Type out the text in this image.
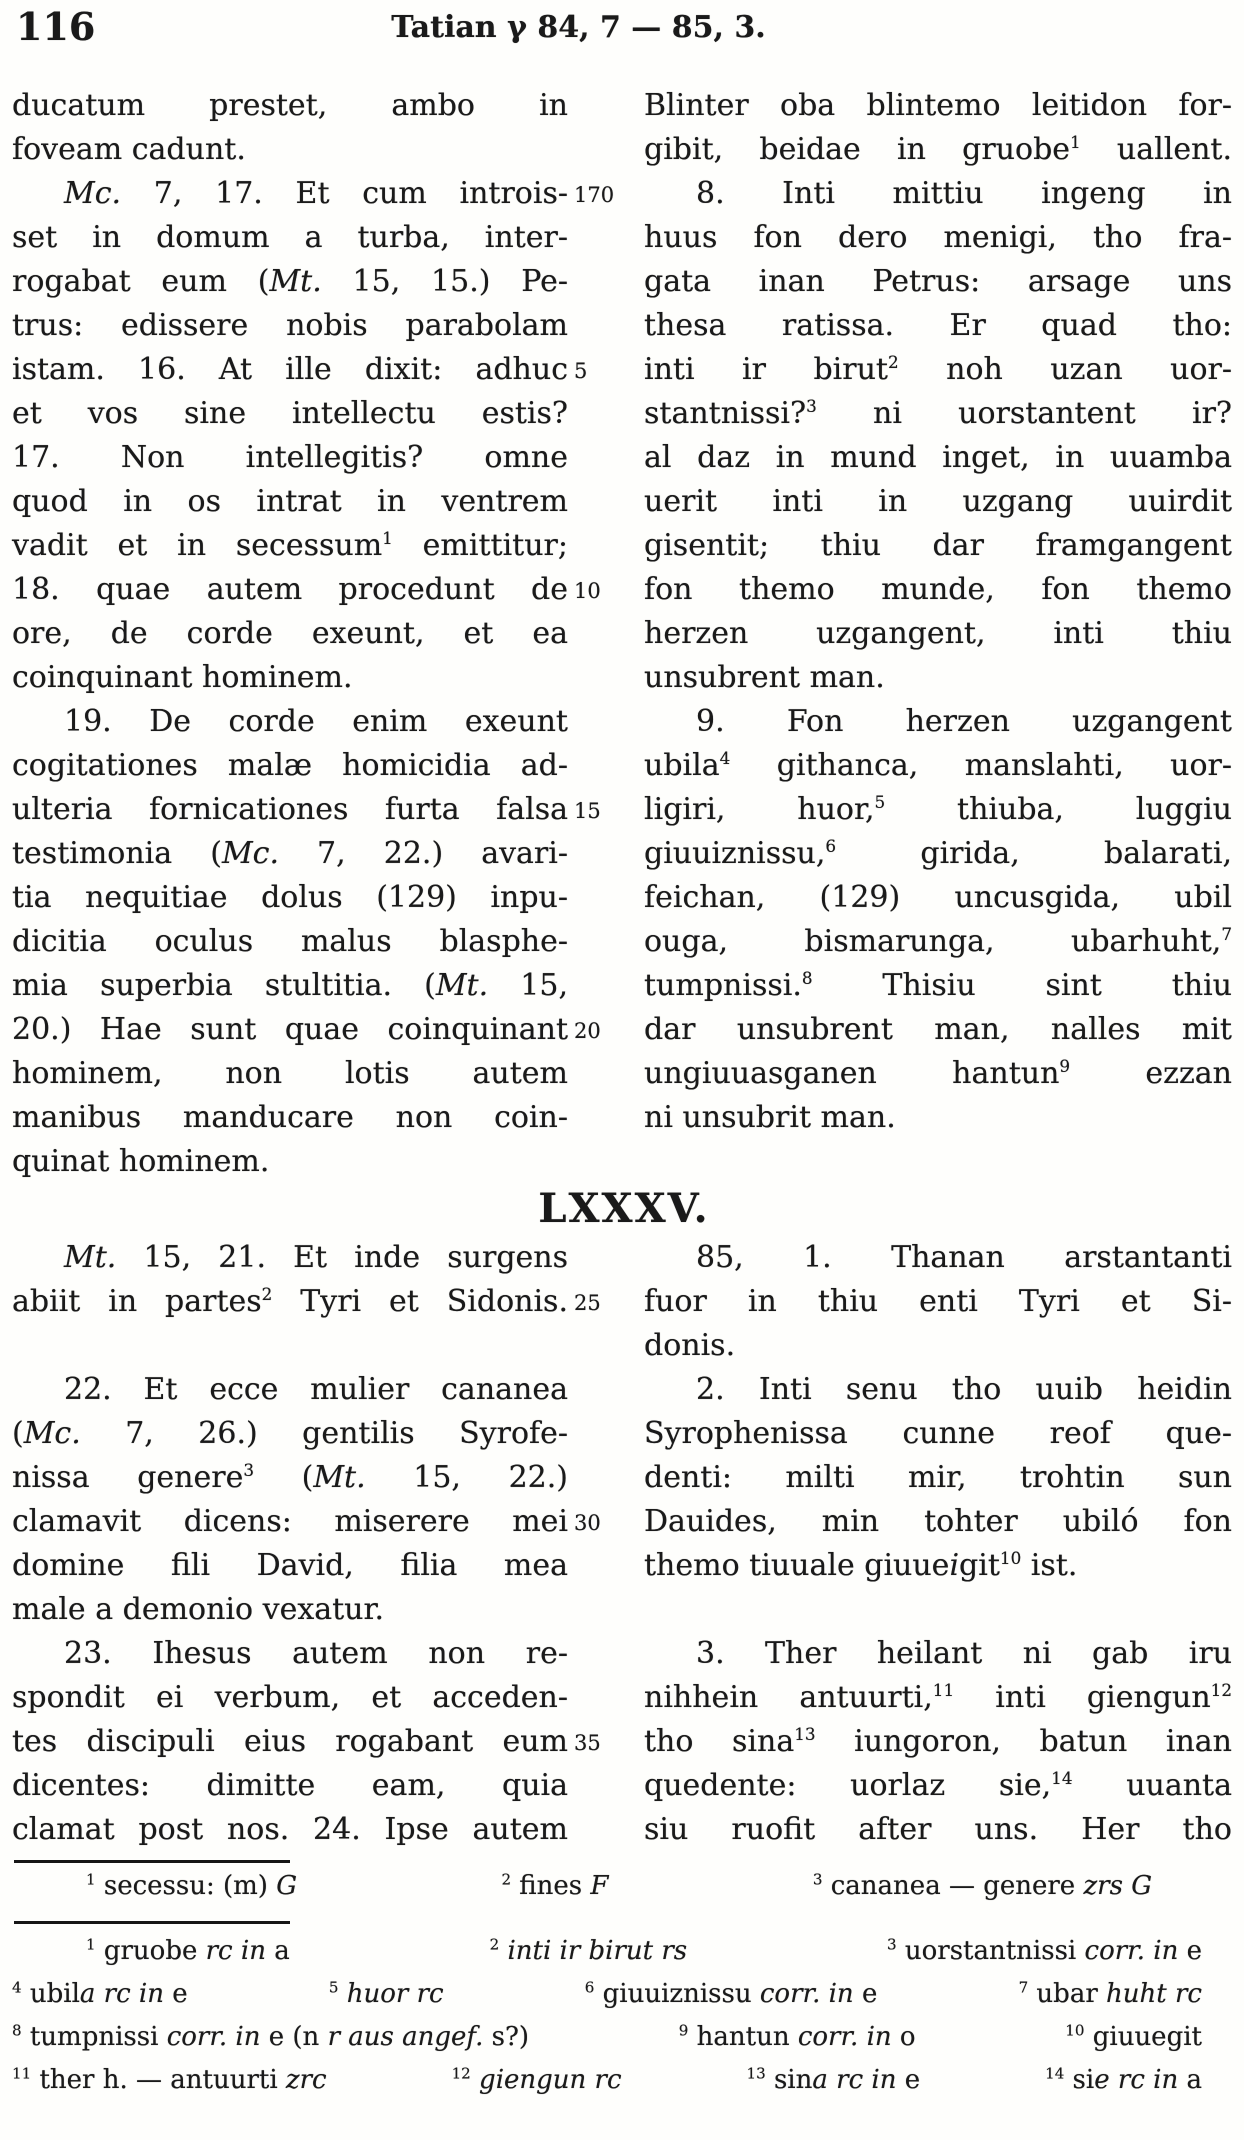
116	Tatian γ 84, 7 — 85, 3.
ducatum prestet, ambo in
foveam cadunt.
Mc. 7, 17. Et cum introis- 170
set in domum a turba, inter-
rogabat eum (Mt. 15, 15.) Pe-
trus: edissere nobis parabolam
istam. 16. At ille dixit: adhuc 5
et vos sine intellectu estis?
17. Non intellegitis? omne
quod in os intrat in ventrem
vadit et in secessum$^1$ emittitur;
18. quae autem procedunt de 10
ore, de corde exeunt, et ea
coinquinant hominem.
19. De corde enim exeunt
cogitationes malæ homicidia ad-
ulteria fornicationes furta falsa 15
testimonia (Mc. 7, 22.) avari-
tia nequitiae dolus (129) inpu-
dicitia oculus malus blasphe-
mia superbia stultitia. (Mt. 15,
20.) Hae sunt quae coinquinant 20
hominem, non lotis autem
manibus manducare non coin-
quinat hominem.
Blinter oba blintemo leitidon for-
gibit, beidae in gruobe$^1$ uallent.
8. Inti mittiu ingeng in
huus fon dero menigi, tho fra-
gata inan Petrus: arsage uns
thesa ratissa. Er quad tho:
inti ir birut$^2$ noh uzan uor-
stantnissi?$^3$ ni uorstantent ir?
al daz in mund inget, in uuamba
uerit inti in uzgang uuirdit
gisentit; thiu dar framgangent
fon themo munde, fon themo
herzen uzgangent, inti thiu
unsubrent man.
9. Fon herzen uzgangent
ubila$^4$ githanca, manslahti, uor-
ligiri, huor,$^5$ thiuba, luggiu
giuuiznissu,$^6$ girida, balarati,
feichan, (129) uncusgida, ubil
ouga, bismarunga, ubarhuht,$^7$
tumpnissi.$^8$ Thisiu sint thiu
dar unsubrent man, nalles mit
ungiuuasganen hantun$^9$ ezzan
ni unsubrit man.
LXXXV.
Mt. 15, 21. Et inde surgens
abiit in partes$^2$ Tyri et Sidonis. 25
22. Et ecce mulier cananea
(Mc. 7, 26.) gentilis Syrofe-
nissa genere$^3$ (Mt. 15, 22.)
clamavit dicens: miserere mei 30
domine fili David, filia mea
male a demonio vexatur.
23. Ihesus autem non re-
spondit ei verbum, et acceden-
tes discipuli eius rogabant eum 35
dicentes: dimitte eam, quia
clamat post nos. 24. Ipse autem
85, 1. Thanan arstantanti
fuor in thiu enti Tyri et Si-
donis.
2. Inti senu tho uuib heidin
Syrophenissa cunne reof que-
denti: milti mir, trohtin sun
Dauides, min tohter ubiló fon
themo tiuuale giuueigit$^{10}$ ist.
3. Ther heilant ni gab iru
nihhein antuurti,$^{11}$ inti giengun$^{12}$
tho sina$^{13}$ iungoron, batun inan
quedente: uorlaz sie,$^{14}$ uuanta
siu ruofit after uns. Her tho
$^1$ secessu: (m) G	$^2$ fines F	$^3$ cananea — genere zrs G
$^1$ gruobe rc in a	$^2$ inti ir birut rs	$^3$ uorstantnissi corr. in e
$^4$ ubila rc in e	$^5$ huor rc	$^6$ giuuiznissu corr. in e	$^7$ ubar huht rc
$^8$ tumpnissi corr. in e (n r aus angef. s?)	$^9$ hantun corr. in o	$^{10}$ giuuegit
$^{11}$ ther h. — antuurti zrc	$^{12}$ giengun rc	$^{13}$ sina rc in e	$^{14}$ sie rc in a
